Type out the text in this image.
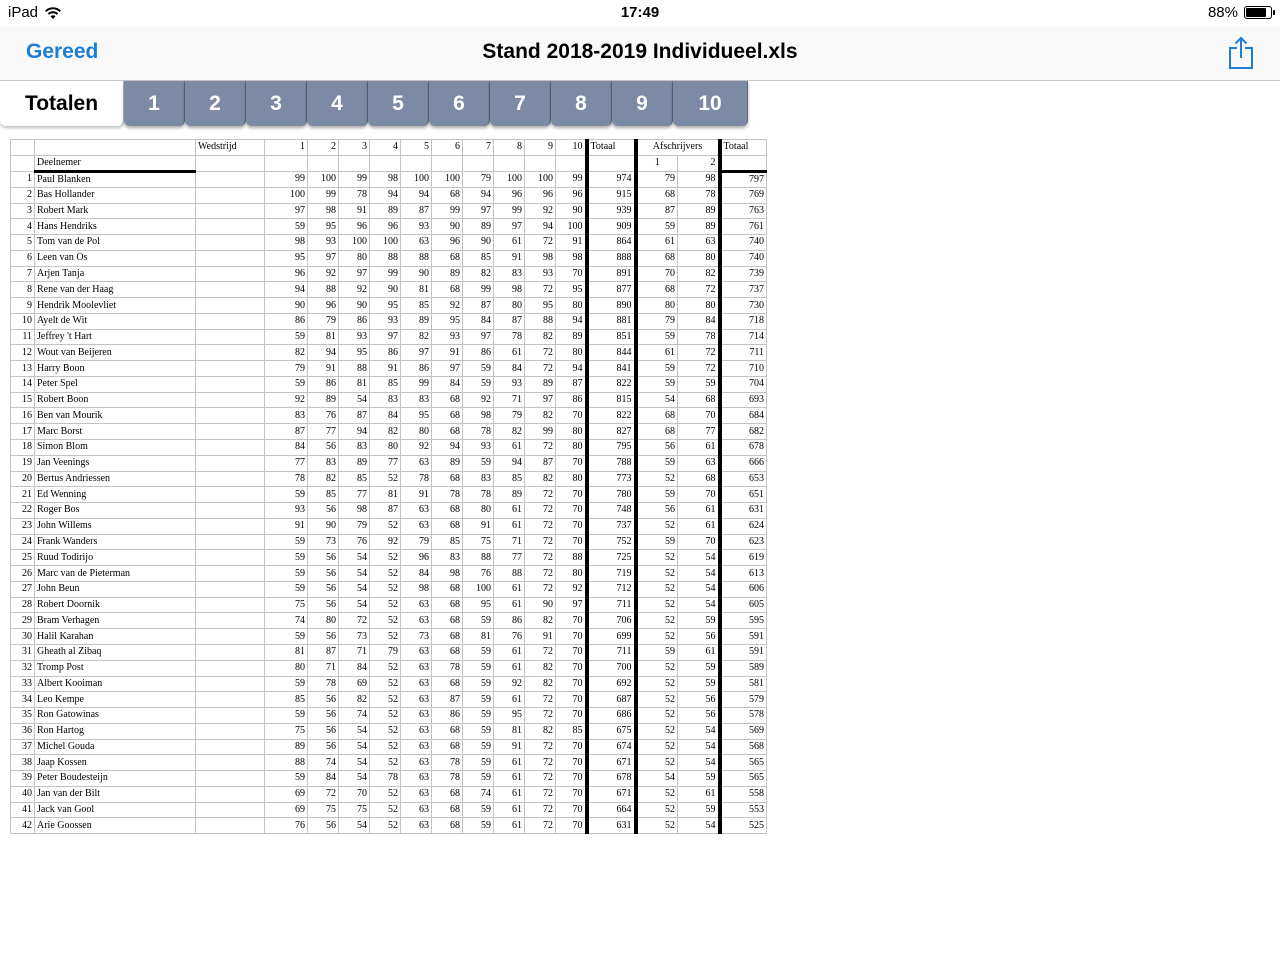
iPad	17:49	88%
Gereed	Stand 2018-2019 Individueel.xls
Totalen	1	2	3	4	5	6	7	8	9	10
		Wedstrijd	1	2	3	4	5	6	7	8	9	10	Totaal	Afschrijvers		Totaal
	Deelnemer													1	2	
1	Paul Blanken		99	100	99	98	100	100	79	100	100	99	974	79	98	797
2	Bas Hollander		100	99	78	94	94	68	94	96	96	96	915	68	78	769
3	Robert Mark		97	98	91	89	87	99	97	99	92	90	939	87	89	763
4	Hans Hendriks		59	95	96	96	93	90	89	97	94	100	909	59	89	761
5	Tom van de Pol		98	93	100	100	63	96	90	61	72	91	864	61	63	740
6	Leen van Os		95	97	80	88	88	68	85	91	98	98	888	68	80	740
7	Arjen Tanja		96	92	97	99	90	89	82	83	93	70	891	70	82	739
8	Rene van der Haag		94	88	92	90	81	68	99	98	72	95	877	68	72	737
9	Hendrik Moolevliet		90	96	90	95	85	92	87	80	95	80	890	80	80	730
10	Ayelt de Wit		86	79	86	93	89	95	84	87	88	94	881	79	84	718
11	Jeffrey 't Hart		59	81	93	97	82	93	97	78	82	89	851	59	78	714
12	Wout van Beijeren		82	94	95	86	97	91	86	61	72	80	844	61	72	711
13	Harry Boon		79	91	88	91	86	97	59	84	72	94	841	59	72	710
14	Peter Spel		59	86	81	85	99	84	59	93	89	87	822	59	59	704
15	Robert Boon		92	89	54	83	83	68	92	71	97	86	815	54	68	693
16	Ben van Mourik		83	76	87	84	95	68	98	79	82	70	822	68	70	684
17	Marc Borst		87	77	94	82	80	68	78	82	99	80	827	68	77	682
18	Simon Blom		84	56	83	80	92	94	93	61	72	80	795	56	61	678
19	Jan Veenings		77	83	89	77	63	89	59	94	87	70	788	59	63	666
20	Bertus Andriessen		78	82	85	52	78	68	83	85	82	80	773	52	68	653
21	Ed Wenning		59	85	77	81	91	78	78	89	72	70	780	59	70	651
22	Roger Bos		93	56	98	87	63	68	80	61	72	70	748	56	61	631
23	John Willems		91	90	79	52	63	68	91	61	72	70	737	52	61	624
24	Frank Wanders		59	73	76	92	79	85	75	71	72	70	752	59	70	623
25	Ruud Todirijo		59	56	54	52	96	83	88	77	72	88	725	52	54	619
26	Marc van de Pieterman		59	56	54	52	84	98	76	88	72	80	719	52	54	613
27	John Beun		59	56	54	52	98	68	100	61	72	92	712	52	54	606
28	Robert Doornik		75	56	54	52	63	68	95	61	90	97	711	52	54	605
29	Bram Verhagen		74	80	72	52	63	68	59	86	82	70	706	52	59	595
30	Halil Karahan		59	56	73	52	73	68	81	76	91	70	699	52	56	591
31	Gheath al Zibaq		81	87	71	79	63	68	59	61	72	70	711	59	61	591
32	Tromp Post		80	71	84	52	63	78	59	61	82	70	700	52	59	589
33	Albert Kooiman		59	78	69	52	63	68	59	92	82	70	692	52	59	581
34	Leo Kempe		85	56	82	52	63	87	59	61	72	70	687	52	56	579
35	Ron Gatowinas		59	56	74	52	63	86	59	95	72	70	686	52	56	578
36	Ron Hartog		75	56	54	52	63	68	59	81	82	85	675	52	54	569
37	Michel Gouda		89	56	54	52	63	68	59	91	72	70	674	52	54	568
38	Jaap Kossen		88	74	54	52	63	78	59	61	72	70	671	52	54	565
39	Peter Boudesteijn		59	84	54	78	63	78	59	61	72	70	678	54	59	565
40	Jan van der Bilt		69	72	70	52	63	68	74	61	72	70	671	52	61	558
41	Jack van Gool		69	75	75	52	63	68	59	61	72	70	664	52	59	553
42	Arie Goossen		76	56	54	52	63	68	59	61	72	70	631	52	54	525
